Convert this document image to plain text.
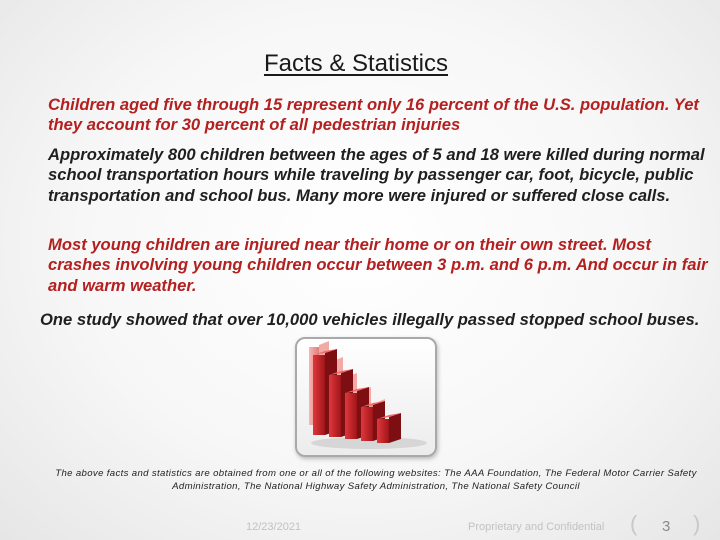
Facts & Statistics
Children aged five through 15 represent only 16 percent of the U.S. population. Yet they account for 30 percent of all pedestrian injuries
Approximately 800 children between the ages of 5 and 18 were killed during normal school transportation hours while traveling by passenger car, foot, bicycle, public transportation and school bus. Many more were injured or suffered close calls.
Most young children are injured near their home or on their own street. Most crashes involving young children occur between 3 p.m. and 6 p.m. And occur in fair and warm weather.
One study showed that over 10,000 vehicles illegally passed stopped school buses.
The above facts and statistics are obtained from one or all of the following websites: The AAA Foundation, The Federal Motor Carrier Safety Administration, The National Highway Safety Administration, The National Safety Council
12/23/2021	Proprietary and Confidential ( 3 )
